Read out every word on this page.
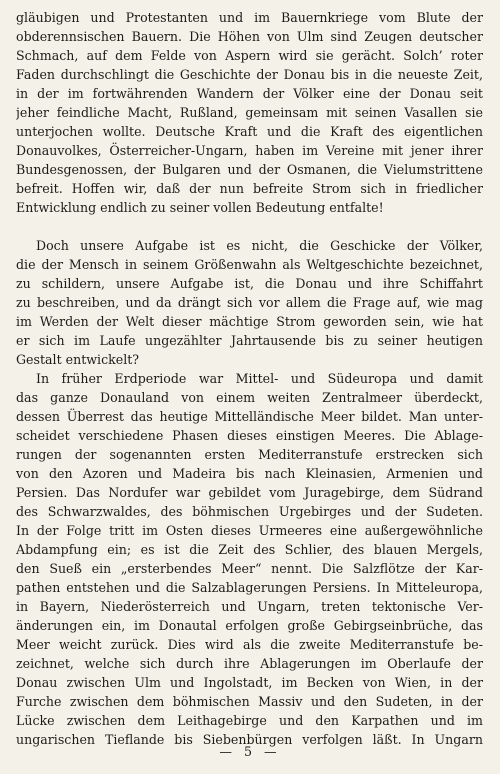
gläubigen und Protestanten und im Bauernkriege vom Blute der
obderennsischen Bauern. Die Höhen von Ulm sind Zeugen deutscher
Schmach, auf dem Felde von Aspern wird sie gerächt. Solch’ roter
Faden durchschlingt die Geschichte der Donau bis in die neueste Zeit,
in der im fortwährenden Wandern der Völker eine der Donau seit
jeher feindliche Macht, Rußland, gemeinsam mit seinen Vasallen sie
unterjochen wollte. Deutsche Kraft und die Kraft des eigentlichen
Donauvolkes, Österreicher-Ungarn, haben im Vereine mit jener ihrer
Bundesgenossen, der Bulgaren und der Osmanen, die Vielumstrittene
befreit. Hoffen wir, daß der nun befreite Strom sich in friedlicher
Entwicklung endlich zu seiner vollen Bedeutung entfalte!
Doch unsere Aufgabe ist es nicht, die Geschicke der Völker,
die der Mensch in seinem Größenwahn als Weltgeschichte bezeichnet,
zu schildern, unsere Aufgabe ist, die Donau und ihre Schiffahrt
zu beschreiben, und da drängt sich vor allem die Frage auf, wie mag
im Werden der Welt dieser mächtige Strom geworden sein, wie hat
er sich im Laufe ungezählter Jahrtausende bis zu seiner heutigen
Gestalt entwickelt?
In früher Erdperiode war Mittel- und Südeuropa und damit
das ganze Donauland von einem weiten Zentralmeer überdeckt,
dessen Überrest das heutige Mittelländische Meer bildet. Man unter-
scheidet verschiedene Phasen dieses einstigen Meeres. Die Ablage-
rungen der sogenannten ersten Mediterranstufe erstrecken sich
von den Azoren und Madeira bis nach Kleinasien, Armenien und
Persien. Das Nordufer war gebildet vom Juragebirge, dem Südrand
des Schwarzwaldes, des böhmischen Urgebirges und der Sudeten.
In der Folge tritt im Osten dieses Urmeeres eine außergewöhnliche
Abdampfung ein; es ist die Zeit des Schlier, des blauen Mergels,
den Sueß ein „ersterbendes Meer“ nennt. Die Salzflötze der Kar-
pathen entstehen und die Salzablagerungen Persiens. In Mitteleuropa,
in Bayern, Niederösterreich und Ungarn, treten tektonische Ver-
änderungen ein, im Donautal erfolgen große Gebirgseinbrüche, das
Meer weicht zurück. Dies wird als die zweite Mediterranstufe be-
zeichnet, welche sich durch ihre Ablagerungen im Oberlaufe der
Donau zwischen Ulm und Ingolstadt, im Becken von Wien, in der
Furche zwischen dem böhmischen Massiv und den Sudeten, in der
Lücke zwischen dem Leithagebirge und den Karpathen und im
ungarischen Tieflande bis Siebenbürgen verfolgen läßt. In Ungarn
— 5 —
